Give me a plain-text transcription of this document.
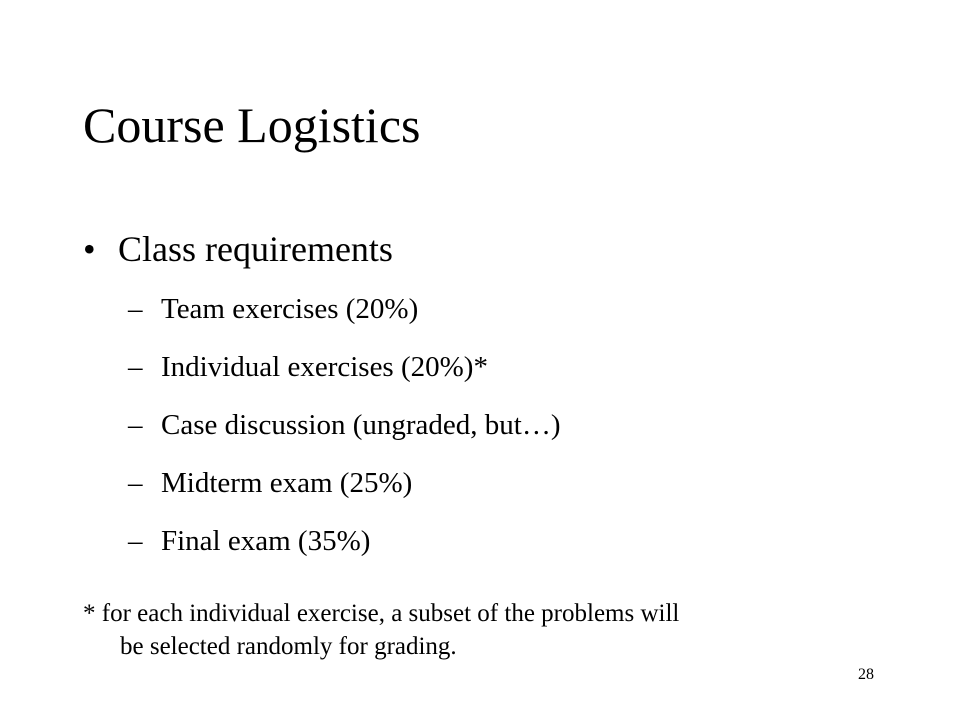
Course Logistics
• Class requirements
– Team exercises (20%)
– Individual exercises (20%)*
– Case discussion (ungraded, but…)
– Midterm exam (25%)
– Final exam (35%)
* for each individual exercise, a subset of the problems will
be selected randomly for grading.
28
